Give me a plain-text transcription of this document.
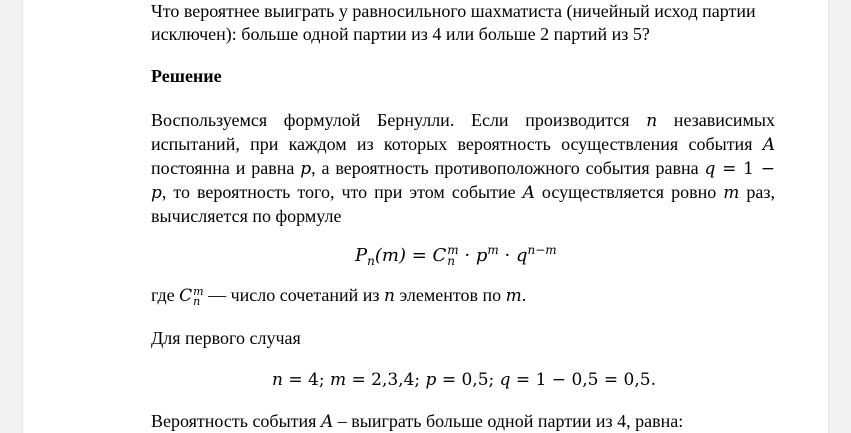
Что вероятнее выиграть у равносильного шахматиста (ничейный исход партии
исключен): больше одной партии из 4 или больше 2 партий из 5?

Решение

Воспользуемся формулой Бернулли. Если производится n независимых испытаний, при каждом из которых вероятность осуществления события A постоянна и равна p, а вероятность противоположного события равна q = 1 − p, то вероятность того, что при этом событие A осуществляется ровно m раз, вычисляется по формуле

$P_n(m) = C$ m
$n \cdot p^m \cdot q^{n-m}$

где C m
n — число сочетаний из n элементов по m.

Для первого случая

n = 4; m = 2,3,4; p = 0,5; q = 1 − 0,5 = 0,5.

Вероятность события A – выиграть больше одной партии из 4, равна:
